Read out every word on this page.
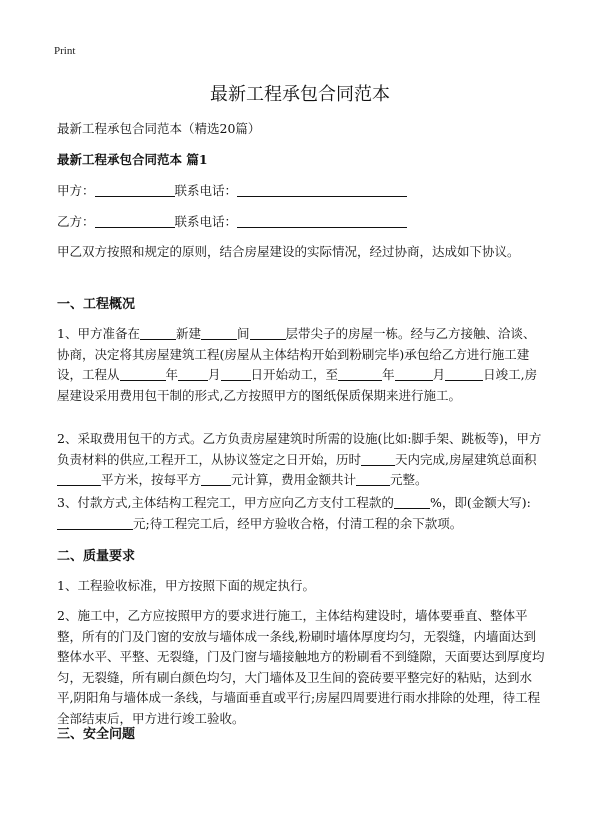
Print
最新工程承包合同范本
最新工程承包合同范本（精选20篇）
最新工程承包合同范本 篇1
甲方：	联系电话：
乙方：	联系电话：
甲乙双方按照和规定的原则，结合房屋建设的实际情况，经过协商，达成如下协议。
一、工程概况
1、甲方准备在	新建	间	层带尖子的房屋一栋。经与乙方接触、洽谈、协商，决定将其房屋建筑工程(房屋从主体结构开始到粉刷完毕)承包给乙方进行施工建设，工程从	年 月 日开始动工，至	年	月	日竣工,房屋建设采用费用包干制的形式,乙方按照甲方的图纸保质保期来进行施工。
2、采取费用包干的方式。乙方负责房屋建筑时所需的设施(比如:脚手架、跳板等)，甲方负责材料的供应,工程开工，从协议签定之日开始，历时	天内完成,房屋建筑总面积平方米，按每平方 元计算，费用金额共计	元整。
3、付款方式,主体结构工程完工，甲方应向乙方支付工程款的	%，即(金额大写):元;待工程完工后，经甲方验收合格，付清工程的余下款项。
二、质量要求
1、工程验收标准，甲方按照下面的规定执行。
2、施工中，乙方应按照甲方的要求进行施工，主体结构建设时，墙体要垂直、整体平整，所有的门及门窗的安放与墙体成一条线,粉刷时墙体厚度均匀，无裂缝，内墙面达到整体水平、平整、无裂缝，门及门窗与墙接触地方的粉刷看不到缝隙，天面要达到厚度均匀，无裂缝，所有刷白颜色均匀，大门墙体及卫生间的瓷砖要平整完好的粘贴，达到水平,阴阳角与墙体成一条线，与墙面垂直或平行;房屋四周要进行雨水排除的处理，待工程全部结束后，甲方进行竣工验收。
三、安全问题
